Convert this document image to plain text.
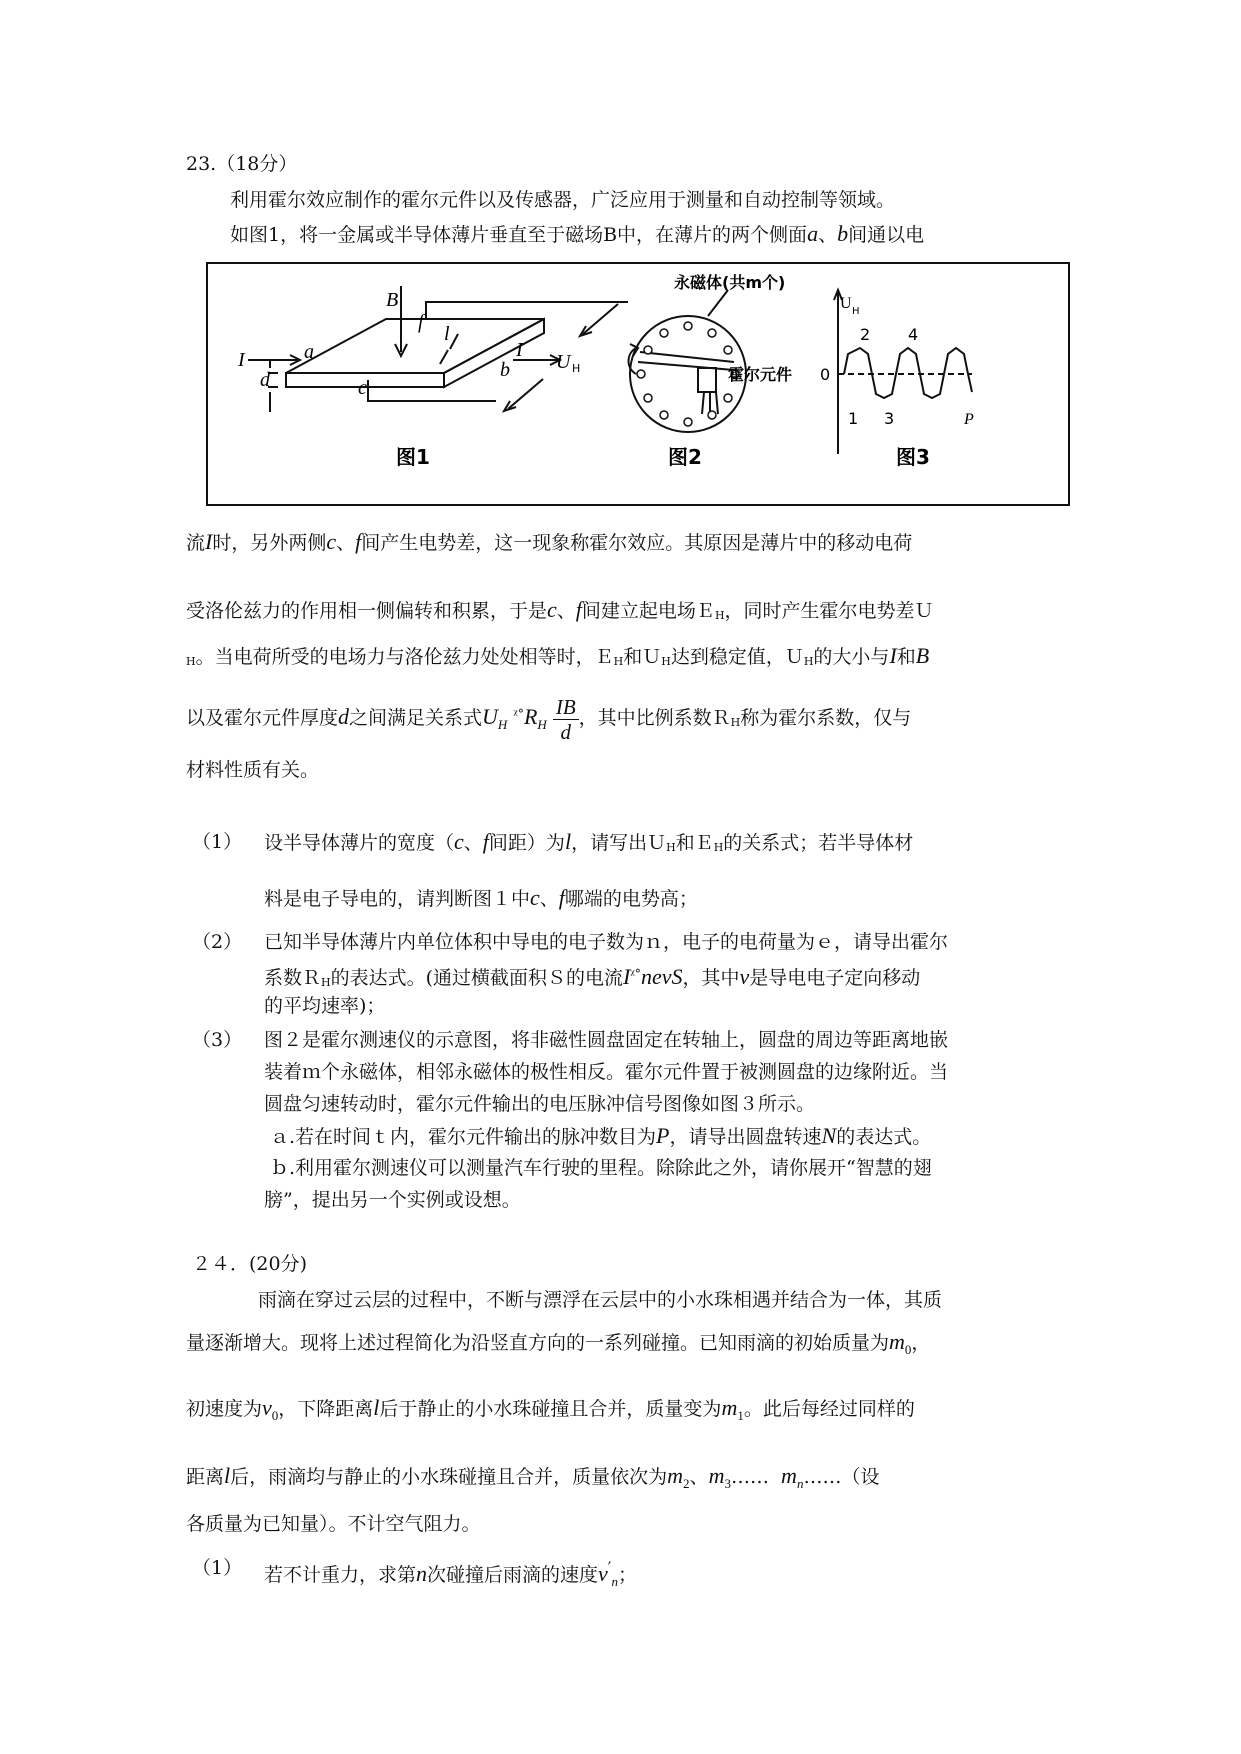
23.（18分）
利用霍尔效应制作的霍尔元件以及传感器，广泛应用于测量和自动控制等领域。
如图1，将一金属或半导体薄片垂直至于磁场B中，在薄片的两个侧面a、b间通以电
B
f
I	a
l
I
b U H
d	c
永磁体(共m个)
霍尔元件
U H
0
1
2
3
4
P
图1	图2	图3
流I时，另外两侧c、f间产生电势差，这一现象称霍尔效应。其原因是薄片中的移动电荷
受洛伦兹力的作用相一侧偏转和积累，于是c、f间建立起电场ＥH，同时产生霍尔电势差Ｕ
H。当电荷所受的电场力与洛伦兹力处处相等时，ＥH和ＵH达到稳定值，ＵH的大小与I和B
以及霍尔元件厚度d之间满足关系式$U_H$ $^{ᵡ^\circ}R_H \frac{IB}{d}$ ，其中比例系数ＲH称为霍尔系数，仅与
材料性质有关。
（1） 设半导体薄片的宽度（c、f间距）为l，请写出ＵH和ＥH的关系式；若半导体材
料是电子导电的，请判断图１中c、f哪端的电势高；
（2） 已知半导体薄片内单位体积中导电的电子数为ｎ，电子的电荷量为ｅ，请导出霍尔
系数ＲH的表达式。(通过横截面积Ｓ的电流$I^{ᵡ^\circ}nevS$，其中v是导电电子定向移动
的平均速率)；
（3） 图２是霍尔测速仪的示意图，将非磁性圆盘固定在转轴上，圆盘的周边等距离地嵌
装着ｍ个永磁体，相邻永磁体的极性相反。霍尔元件置于被测圆盘的边缘附近。当
圆盘匀速转动时，霍尔元件输出的电压脉冲信号图像如图３所示。
ａ.若在时间ｔ内，霍尔元件输出的脉冲数目为P，请导出圆盘转速N的表达式。
ｂ.利用霍尔测速仪可以测量汽车行驶的里程。除除此之外，请你展开“智慧的翅
膀”，提出另一个实例或设想。
２４．(20分)
雨滴在穿过云层的过程中，不断与漂浮在云层中的小水珠相遇并结合为一体，其质
量逐渐增大。现将上述过程简化为沿竖直方向的一系列碰撞。已知雨滴的初始质量为$m_0$，
初速度为$v_0$，下降距离l后于静止的小水珠碰撞且合并，质量变为$m_1$。此后每经过同样的
距离l后，雨滴均与静止的小水珠碰撞且合并，质量依次为$m_2$、$m_3\dots\dots$ $m_n\dots\dots$（设
各质量为已知量）。不计空气阻力。
（1） 若不计重力，求第n次碰撞后雨滴的速度$v'_n$；
